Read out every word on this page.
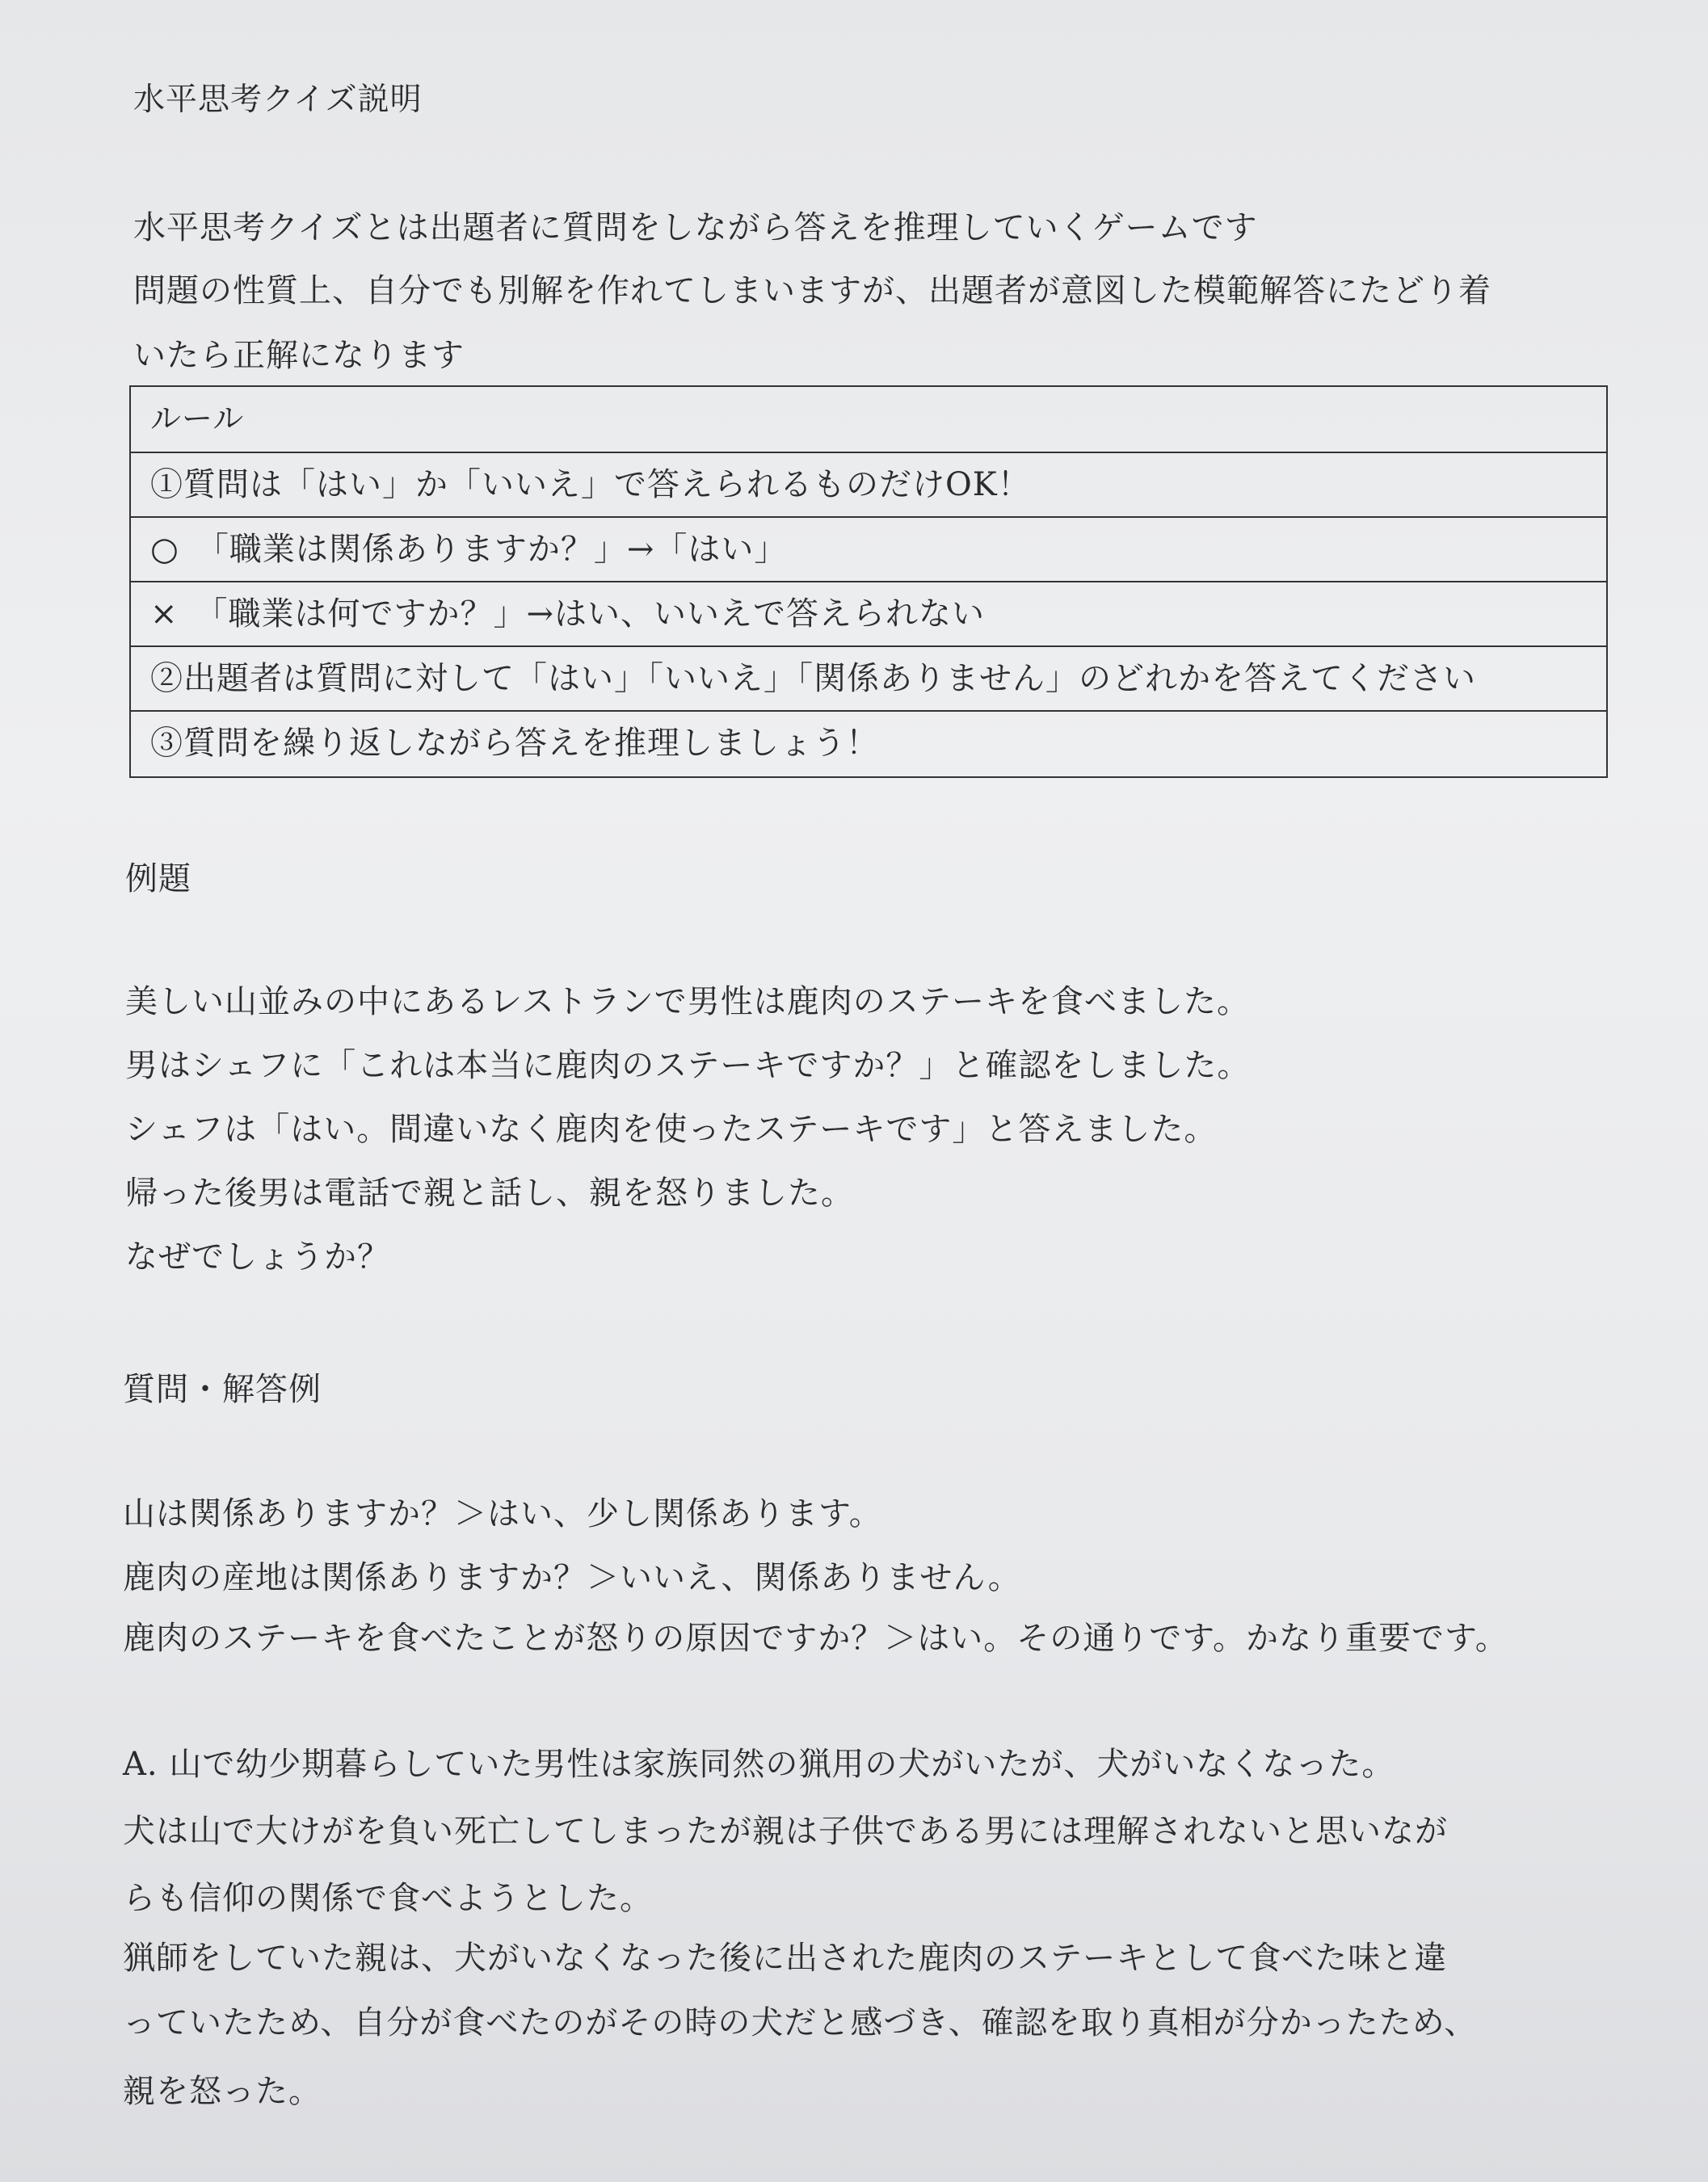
水平思考クイズ説明
水平思考クイズとは出題者に質問をしながら答えを推理していくゲームです
問題の性質上、自分でも別解を作れてしまいますが、出題者が意図した模範解答にたどり着
いたら正解になります
ルール
①質問は「はい」か「いいえ」で答えられるものだけOK！
○　「職業は関係ありますか？」→「はい」
×　「職業は何ですか？」→はい、いいえで答えられない
②出題者は質問に対して「はい」「いいえ」「関係ありません」のどれかを答えてください
③質問を繰り返しながら答えを推理しましょう！
例題
美しい山並みの中にあるレストランで男性は鹿肉のステーキを食べました。
男はシェフに「これは本当に鹿肉のステーキですか？」と確認をしました。
シェフは「はい。間違いなく鹿肉を使ったステーキです」と答えました。
帰った後男は電話で親と話し、親を怒りました。
なぜでしょうか？
質問・解答例
山は関係ありますか？＞はい、少し関係あります。
鹿肉の産地は関係ありますか？＞いいえ、関係ありません。
鹿肉のステーキを食べたことが怒りの原因ですか？＞はい。その通りです。かなり重要です。
A. 山で幼少期暮らしていた男性は家族同然の猟用の犬がいたが、犬がいなくなった。
犬は山で大けがを負い死亡してしまったが親は子供である男には理解されないと思いなが
らも信仰の関係で食べようとした。
猟師をしていた親は、犬がいなくなった後に出された鹿肉のステーキとして食べた味と違
っていたため、自分が食べたのがその時の犬だと感づき、確認を取り真相が分かったため、
親を怒った。
